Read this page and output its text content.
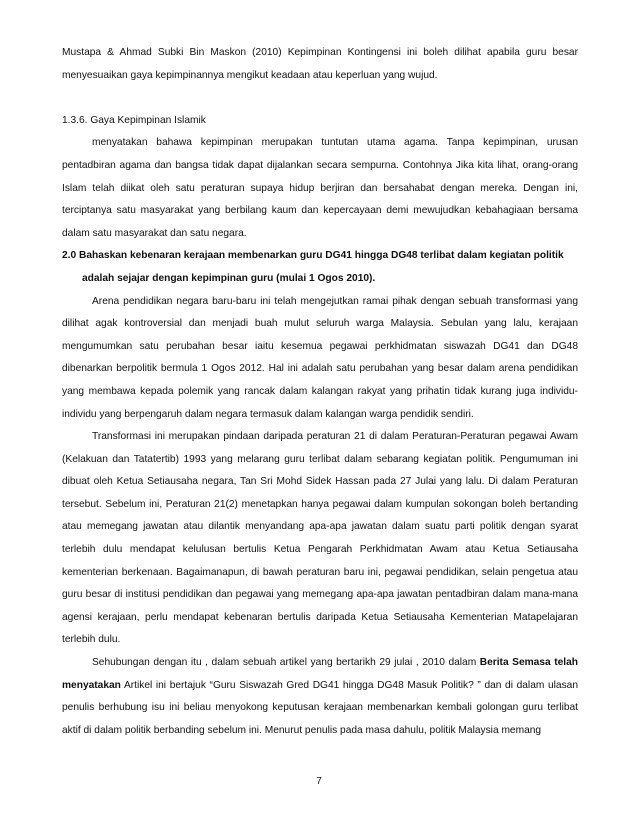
Mustapa & Ahmad Subki Bin Maskon (2010) Kepimpinan Kontingensi ini boleh dilihat apabila guru besar menyesuaikan gaya kepimpinannya mengikut keadaan atau keperluan yang wujud.

1.3.6. Gaya Kepimpinan Islamik

menyatakan bahawa kepimpinan merupakan tuntutan utama agama. Tanpa kepimpinan, urusan pentadbiran agama dan bangsa tidak dapat dijalankan secara sempurna. Contohnya Jika kita lihat, orang-orang Islam telah diikat oleh satu peraturan supaya hidup berjiran dan bersahabat dengan mereka. Dengan ini, terciptanya satu masyarakat yang berbilang kaum dan kepercayaan demi mewujudkan kebahagiaan bersama dalam satu masyarakat dan satu negara.

2.0 Bahaskan kebenaran kerajaan membenarkan guru DG41 hingga DG48 terlibat dalam kegiatan politik adalah sejajar dengan kepimpinan guru (mulai 1 Ogos 2010).

Arena pendidikan negara baru-baru ini telah mengejutkan ramai pihak dengan sebuah transformasi yang dilihat agak kontroversial dan menjadi buah mulut seluruh warga Malaysia. Sebulan yang lalu, kerajaan mengumumkan satu perubahan besar iaitu kesemua pegawai perkhidmatan siswazah DG41 dan DG48 dibenarkan berpolitik bermula 1 Ogos 2012. Hal ini adalah satu perubahan yang besar dalam arena pendidikan yang membawa kepada polemik yang rancak dalam kalangan rakyat yang prihatin tidak kurang juga individu-individu yang berpengaruh dalam negara termasuk dalam kalangan warga pendidik sendiri.

Transformasi ini merupakan pindaan daripada peraturan 21 di dalam Peraturan-Peraturan pegawai Awam (Kelakuan dan Tatatertib) 1993 yang melarang guru terlibat dalam sebarang kegiatan politik. Pengumuman ini dibuat oleh Ketua Setiausaha negara, Tan Sri Mohd Sidek Hassan pada 27 Julai yang lalu. Di dalam Peraturan tersebut. Sebelum ini, Peraturan 21(2) menetapkan hanya pegawai dalam kumpulan sokongan boleh bertanding atau memegang jawatan atau dilantik menyandang apa-apa jawatan dalam suatu parti politik dengan syarat terlebih dulu mendapat kelulusan bertulis Ketua Pengarah Perkhidmatan Awam atau Ketua Setiausaha kementerian berkenaan. Bagaimanapun, di bawah peraturan baru ini, pegawai pendidikan, selain pengetua atau guru besar di institusi pendidikan dan pegawai yang memegang apa-apa jawatan pentadbiran dalam mana-mana agensi kerajaan, perlu mendapat kebenaran bertulis daripada Ketua Setiausaha Kementerian Matapelajaran terlebih dulu.

Sehubungan dengan itu , dalam sebuah artikel yang bertarikh 29 julai , 2010 dalam Berita Semasa telah menyatakan Artikel ini bertajuk “Guru Siswazah Gred DG41 hingga DG48 Masuk Politik? ” dan di dalam ulasan penulis berhubung isu ini beliau menyokong keputusan kerajaan membenarkan kembali golongan guru terlibat aktif di dalam politik berbanding sebelum ini. Menurut penulis pada masa dahulu, politik Malaysia memang

7
